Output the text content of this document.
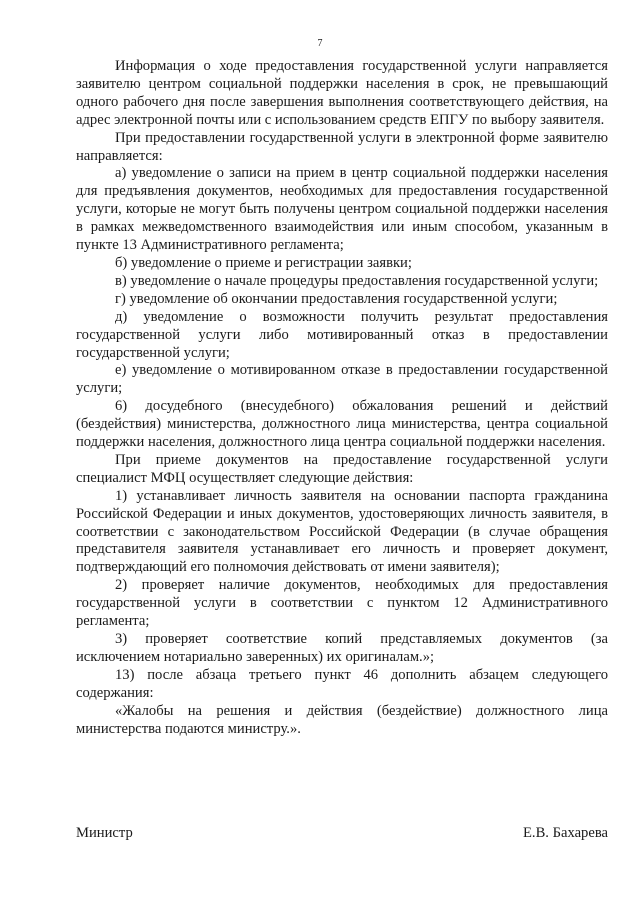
7

Информация о ходе предоставления государственной услуги направляется заявителю центром социальной поддержки населения в срок, не превышающий одного рабочего дня после завершения выполнения соответствующего действия, на адрес электронной почты или с использованием средств ЕПГУ по выбору заявителя.

При предоставлении государственной услуги в электронной форме заявителю направляется:

а) уведомление о записи на прием в центр социальной поддержки населения для предъявления документов, необходимых для предоставления государственной услуги, которые не могут быть получены центром социальной поддержки населения в рамках межведомственного взаимодействия или иным способом, указанным в пункте 13 Административного регламента;

б) уведомление о приеме и регистрации заявки;

в) уведомление о начале процедуры предоставления государственной услуги;

г) уведомление об окончании предоставления государственной услуги;

д) уведомление о возможности получить результат предоставления государственной услуги либо мотивированный отказ в предоставлении государственной услуги;

е) уведомление о мотивированном отказе в предоставлении государственной услуги;

6) досудебного (внесудебного) обжалования решений и действий (бездействия) министерства, должностного лица министерства, центра социальной поддержки населения, должностного лица центра социальной поддержки населения.

При приеме документов на предоставление государственной услуги специалист МФЦ осуществляет следующие действия:

1) устанавливает личность заявителя на основании паспорта гражданина Российской Федерации и иных документов, удостоверяющих личность заявителя, в соответствии с законодательством Российской Федерации (в случае обращения представителя заявителя устанавливает его личность и проверяет документ, подтверждающий его полномочия действовать от имени заявителя);

2) проверяет наличие документов, необходимых для предоставления государственной услуги в соответствии с пунктом 12 Административного регламента;

3) проверяет соответствие копий представляемых документов (за исключением нотариально заверенных) их оригиналам.»;

13) после абзаца третьего пункт 46 дополнить абзацем следующего содержания:

«Жалобы на решения и действия (бездействие) должностного лица министерства подаются министру.».

Министр	Е.В. Бахарева
